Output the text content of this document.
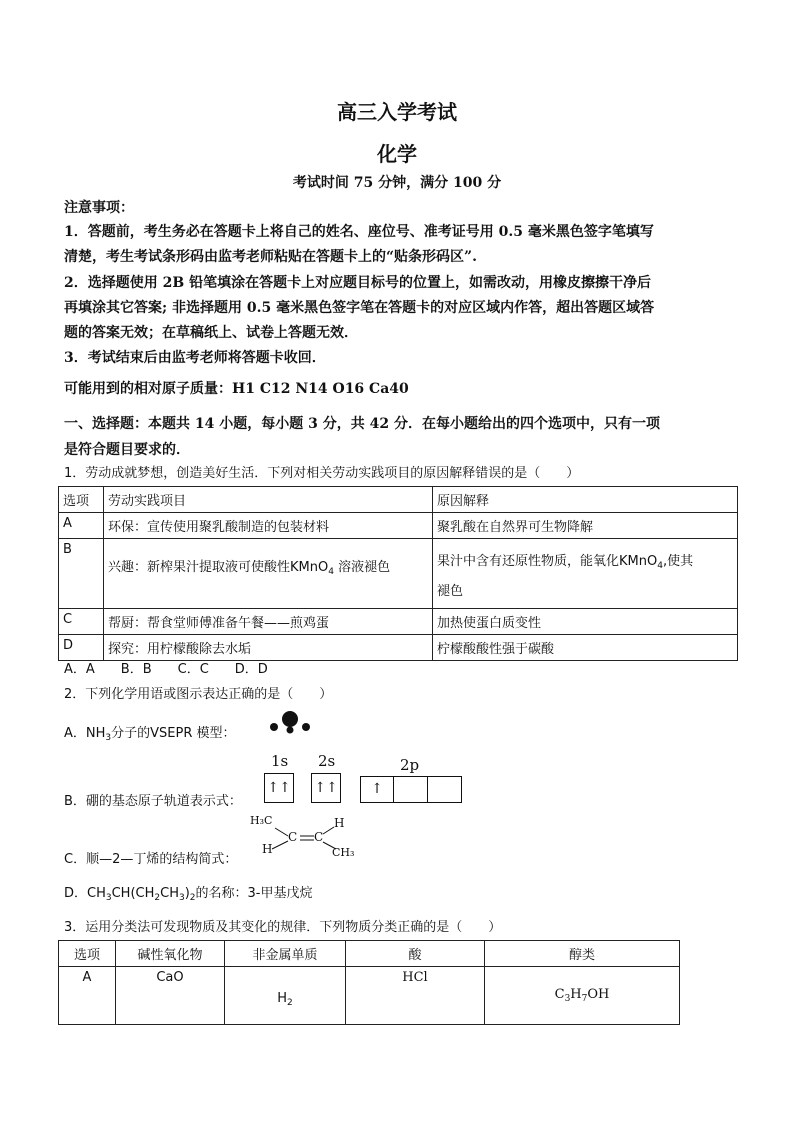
高三入学考试
化学
考试时间 75 分钟，满分 100 分
注意事项：
1．答题前，考生务必在答题卡上将自己的姓名、座位号、准考证号用 0.5 毫米黑色签字笔填写
清楚，考生考试条形码由监考老师粘贴在答题卡上的“贴条形码区”.
2．选择题使用 2B 铅笔填涂在答题卡上对应题目标号的位置上，如需改动，用橡皮擦擦干净后
再填涂其它答案; 非选择题用 0.5 毫米黑色签字笔在答题卡的对应区域内作答，超出答题区域答
题的答案无效；在草稿纸上、试卷上答题无效．
3．考试结束后由监考老师将答题卡收回．
可能用到的相对原子质量：H1 C12 N14 O16 Ca40
一、选择题：本题共 14 小题，每小题 3 分，共 42 分．在每小题给出的四个选项中，只有一项
是符合题目要求的．
1．劳动成就梦想，创造美好生活．下列对相关劳动实践项目的原因解释错误的是（　　）
选项	劳动实践项目	原因解释
A	环保：宣传使用聚乳酸制造的包装材料	聚乳酸在自然界可生物降解
B	兴趣：新榨果汁提取液可使酸性KMnO$_4$ 溶液褪色	果汁中含有还原性物质，能氧化KMnO$_4$,使其
褪色
C	帮厨：帮食堂师傅准备午餐——煎鸡蛋	加热使蛋白质变性
D	探究：用柠檬酸除去水垢	柠檬酸酸性强于碳酸
A．A　　B．B　　C．C　　D．D
2．下列化学用语或图示表达正确的是（　　）
A．$NH_3$分子的VSEPR 模型：
1s 2s	2p
↑↑ ↑↑	↑
B．硼的基态原子轨道表示式：
H₃C
C C
H
H	CH₃
C．顺—2—丁烯的结构简式：
D．$CH_3CH(CH_2CH_3)_2$的名称：3-甲基戊烷
3．运用分类法可发现物质及其变化的规律．下列物质分类正确的是（　　）
选项	碱性氧化物	非金属单质	酸	醇类
A	CaO	$H_2$	HCl	$C_3H_7OH$
